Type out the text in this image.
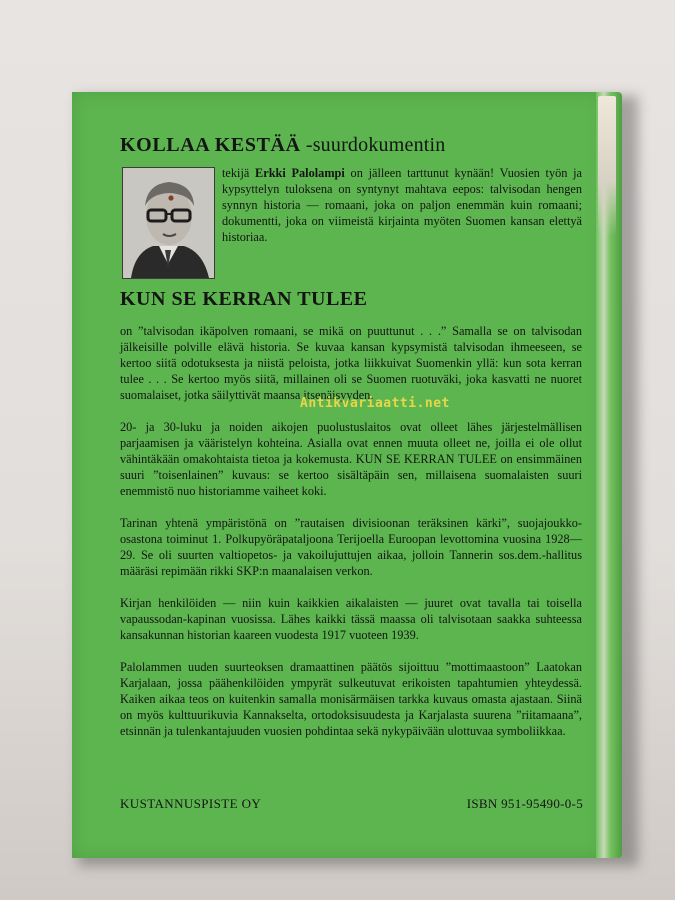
KOLLAA KESTÄÄ -suurdokumentin

tekijä Erkki Palolampi on jälleen tarttunut kynään! Vuosien työn ja kypsyttelyn tuloksena on syntynyt mahtava eepos: talvisodan hengen synnyn historia — romaani, joka on paljon enemmän kuin romaani; dokumentti, joka on viimeistä kirjainta myöten Suomen kansan elettyä historiaa.

KUN SE KERRAN TULEE

on ”talvisodan ikäpolven romaani, se mikä on puuttunut . . .” Samalla se on talvisodan jälkeisille polville elävä historia. Se kuvaa kansan kypsymistä talvisodan ihmeeseen, se kertoo siitä odotuksesta ja niistä peloista, jotka liikkuivat Suomenkin yllä: kun sota kerran tulee . . . Se kertoo myös siitä, millainen oli se Suomen ruotuväki, joka kasvatti ne nuoret suomalaiset, jotka säilyttivät maansa itsenäisyyden.

20- ja 30-luku ja noiden aikojen puolustuslaitos ovat olleet lähes järjestelmällisen parjaamisen ja vääristelyn kohteina. Asialla ovat ennen muuta olleet ne, joilla ei ole ollut vähintäkään omakohtaista tietoa ja kokemusta. KUN SE KERRAN TULEE on ensimmäinen suuri ”toisenlainen” kuvaus: se kertoo sisältäpäin sen, millaisena suomalaisten suuri enemmistö nuo historiamme vaiheet koki.

Tarinan yhtenä ympäristönä on ”rautaisen divisioonan teräksinen kärki”, suojajoukko-osastona toiminut 1. Polkupyöräpataljoona Terijoella Euroopan levottomina vuosina 1928—29. Se oli suurten valtiopetos- ja vakoilujuttujen aikaa, jolloin Tannerin sos.dem.-hallitus määräsi repimään rikki SKP:n maanalaisen verkon.

Kirjan henkilöiden — niin kuin kaikkien aikalaisten — juuret ovat tavalla tai toisella vapaussodan-kapinan vuosissa. Lähes kaikki tässä maassa oli talvisotaan saakka suhteessa kansakunnan historian kaareen vuodesta 1917 vuoteen 1939.

Palolammen uuden suurteoksen dramaattinen päätös sijoittuu ”mottimaastoon” Laatokan Karjalaan, jossa päähenkilöiden ympyrät sulkeutuvat erikoisten tapahtumien yhteydessä. Kaiken aikaa teos on kuitenkin samalla monisärmäisen tarkka kuvaus omasta ajastaan. Siinä on myös kulttuurikuvia Kannakselta, ortodoksisuudesta ja Karjalasta suurena ”riitamaana”, etsinnän ja tulenkantajuuden vuosien pohdintaa sekä nykypäivään ulottuvaa symboliikkaa.

Antikvariaatti.net
KUSTANNUSPISTE OY	ISBN 951-95490-0-5
